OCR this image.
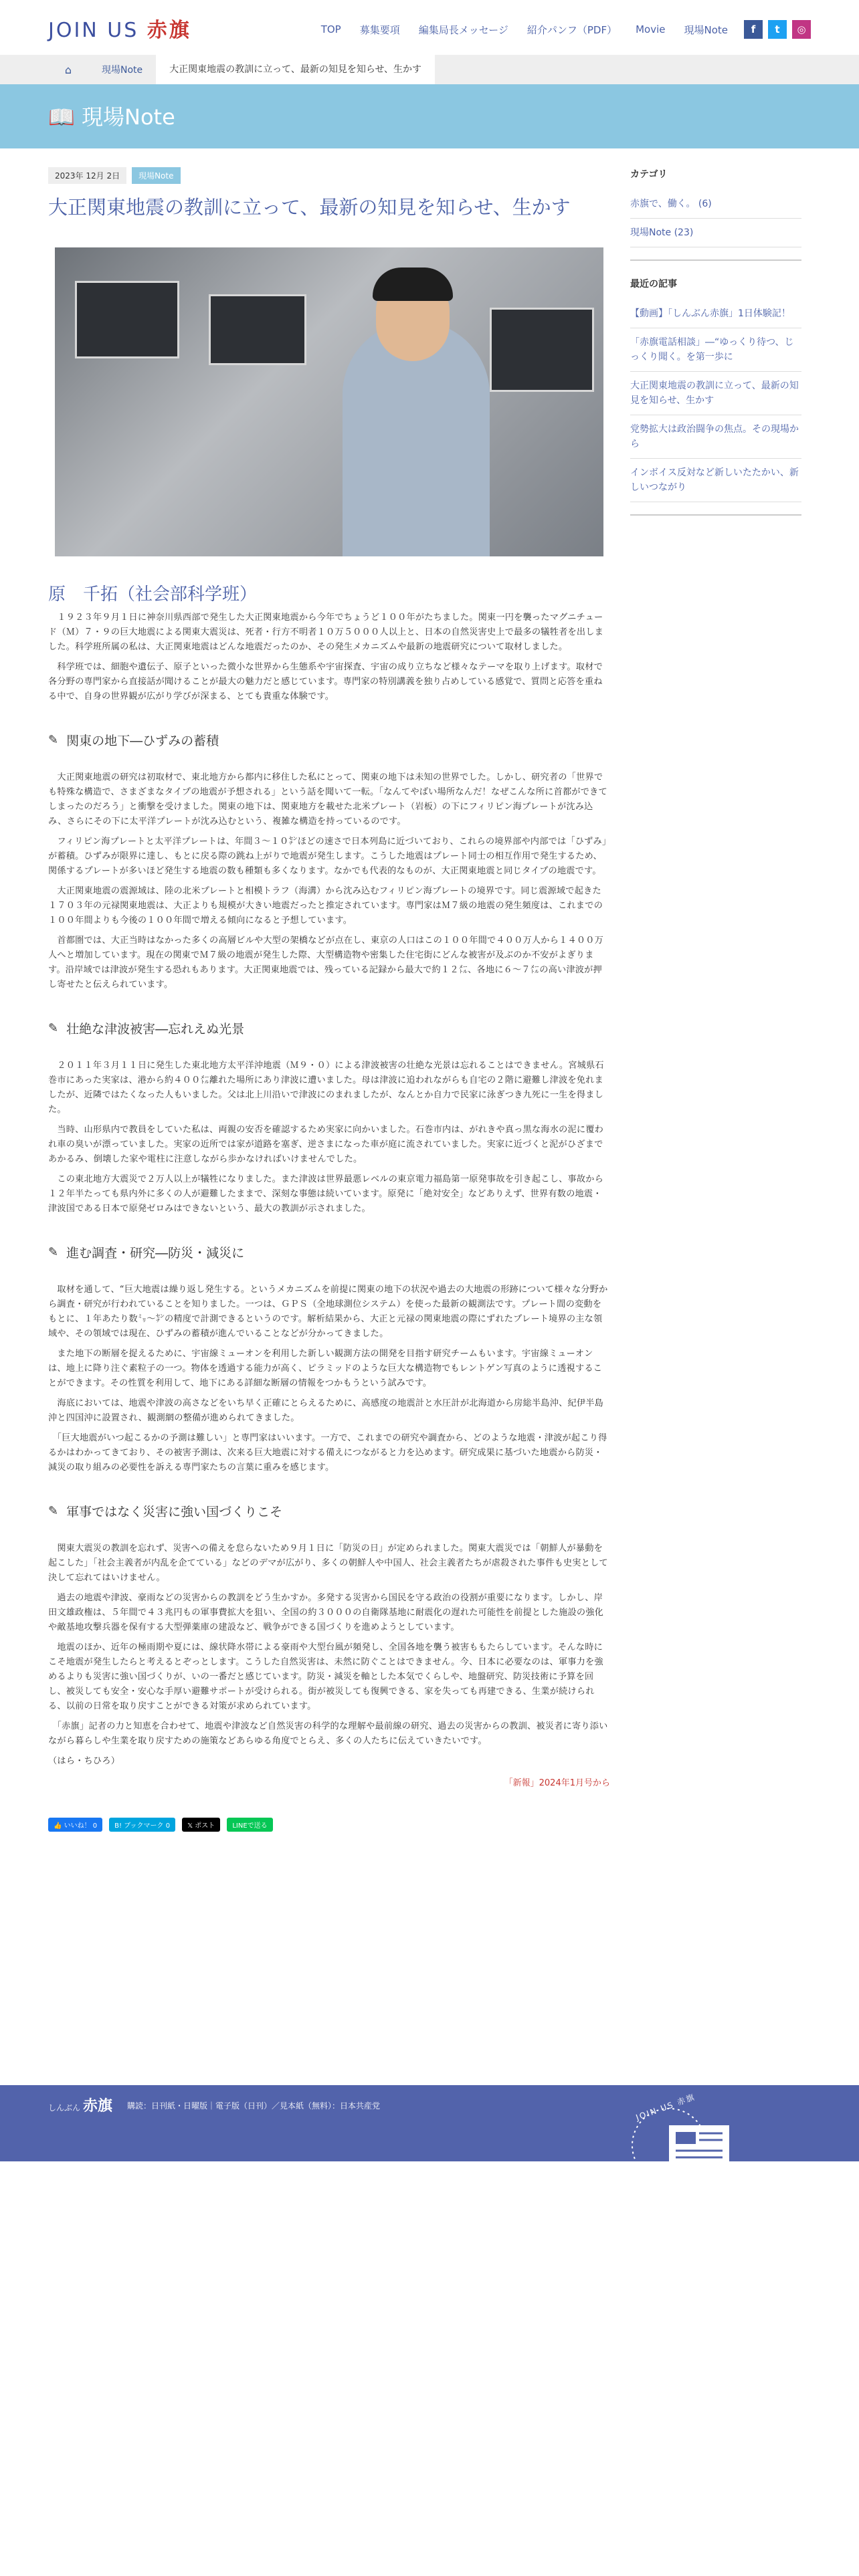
JOIN US 赤旗	TOP 募集要項 編集局長メッセージ 紹介パンフ（PDF） Movie 現場Note	f	t	◎
⌂	現場Note	大正関東地震の教訓に立って、最新の知見を知らせ、生かす
📖 現場Note
2023年 12月 2日	現場Note
大正関東地震の教訓に立って、最新の知見を知らせ、生かす
原　千拓（社会部科学班）

　１９２３年９月１日に神奈川県西部で発生した大正関東地震から今年でちょうど１００年がたちました。関東一円を襲ったマグニチュード（Ｍ）７・９の巨大地震による関東大震災は、死者・行方不明者１０万５０００人以上と、日本の自然災害史上で最多の犠牲者を出しました。科学班所属の私は、大正関東地震はどんな地震だったのか、その発生メカニズムや最新の地震研究について取材しました。

　科学班では、細胞や遺伝子、原子といった微小な世界から生態系や宇宙探査、宇宙の成り立ちなど様々なテーマを取り上げます。取材で各分野の専門家から直接話が聞けることが最大の魅力だと感じています。専門家の特別講義を独り占めしている感覚で、質問と応答を重ねる中で、自身の世界観が広がり学びが深まる、とても貴重な体験です。

✎ 関東の地下―ひずみの蓄積

　大正関東地震の研究は初取材で、東北地方から都内に移住した私にとって、関東の地下は未知の世界でした。しかし、研究者の「世界でも特殊な構造で、さまざまなタイプの地震が予想される」という話を聞いて一転。「なんてやばい場所なんだ！なぜこんな所に首都ができてしまったのだろう」と衝撃を受けました。関東の地下は、関東地方を載せた北米プレート（岩板）の下にフィリピン海プレートが沈み込み、さらにその下に太平洋プレートが沈み込むという、複雑な構造を持っているのです。

　フィリピン海プレートと太平洋プレートは、年間３〜１０㌢ほどの速さで日本列島に近づいており、これらの境界部や内部では「ひずみ」が蓄積。ひずみが限界に達し、もとに戻る際の跳ね上がりで地震が発生します。こうした地震はプレート同士の相互作用で発生するため、関係するプレートが多いほど発生する地震の数も種類も多くなります。なかでも代表的なものが、大正関東地震と同じタイプの地震です。

　大正関東地震の震源域は、陸の北米プレートと相模トラフ（海溝）から沈み込むフィリピン海プレートの境界です。同じ震源域で起きた１７０３年の元禄関東地震は、大正よりも規模が大きい地震だったと推定されています。専門家はＭ７級の地震の発生頻度は、これまでの１００年間よりも今後の１００年間で増える傾向になると予想しています。

　首都圏では、大正当時はなかった多くの高層ビルや大型の架橋などが点在し、東京の人口はこの１００年間で４００万人から１４００万人へと増加しています。現在の関東でＭ７級の地震が発生した際、大型構造物や密集した住宅街にどんな被害が及ぶのか不安がよぎります。沿岸域では津波が発生する恐れもあります。大正関東地震では、残っている記録から最大で約１２㍍、各地に６〜７㍍の高い津波が押し寄せたと伝えられています。

✎ 壮絶な津波被害―忘れえぬ光景

　２０１１年３月１１日に発生した東北地方太平洋沖地震（Ｍ９・０）による津波被害の壮絶な光景は忘れることはできません。宮城県石巻市にあった実家は、港から約４００㍍離れた場所にあり津波に遭いました。母は津波に追われながらも自宅の２階に避難し津波を免れましたが、近隣ではたくなった人もいました。父は北上川沿いで津波にのまれましたが、なんとか自力で民家に泳ぎつき九死に一生を得ました。

　当時、山形県内で教員をしていた私は、両親の安否を確認するため実家に向かいました。石巻市内は、がれきや真っ黒な海水の泥に覆われ車の臭いが漂っていました。実家の近所では家が道路を塞ぎ、逆さまになった車が庭に流されていました。実家に近づくと泥がひざまであかるみ、倒壊した家や電柱に注意しながら歩かなければいけませんでした。

　この東北地方大震災で２万人以上が犠牲になりました。また津波は世界最悪レベルの東京電力福島第一原発事故を引き起こし、事故から１２年半たっても県内外に多くの人が避難したままで、深刻な事態は続いています。原発に「絶対安全」などありえず、世界有数の地震・津波国である日本で原発ゼロみはできないという、最大の教訓が示されました。

✎ 進む調査・研究―防災・減災に

　取材を通して、“巨大地震は繰り返し発生する。というメカニズムを前提に関東の地下の状況や過去の大地震の形跡について様々な分野から調査・研究が行われていることを知りました。一つは、ＧＰＳ（全地球測位システム）を使った最新の観測法です。プレート間の変動をもとに、１年あたり数㍉〜㌢の精度で計測できるというのです。解析結果から、大正と元禄の関東地震の際にずれたプレート境界の主な領域や、その領域では現在、ひずみの蓄積が進んでいることなどが分かってきました。

　また地下の断層を捉えるために、宇宙線ミューオンを利用した新しい観測方法の開発を目指す研究チームもいます。宇宙線ミューオンは、地上に降り注ぐ素粒子の一つ。物体を透過する能力が高く、ピラミッドのような巨大な構造物でもレントゲン写真のように透視することができます。その性質を利用して、地下にある詳細な断層の情報をつかもうという試みです。

　海底においては、地震や津波の高さなどをいち早く正確にとらえるために、高感度の地震計と水圧計が北海道から房総半島沖、紀伊半島沖と四国沖に設置され、観測網の整備が進められてきました。

　「巨大地震がいつ起こるかの予測は難しい」と専門家はいいます。一方で、これまでの研究や調査から、どのような地震・津波が起こり得るかはわかってきており、その被害予測は、次来る巨大地震に対する備えにつながると力を込めます。研究成果に基づいた地震から防災・減災の取り組みの必要性を訴える専門家たちの言葉に重みを感じます。

✎ 軍事ではなく災害に強い国づくりこそ

　関東大震災の教訓を忘れず、災害への備えを怠らないため９月１日に「防災の日」が定められました。関東大震災では「朝鮮人が暴動を起こした」「社会主義者が内乱を企てている」などのデマが広がり、多くの朝鮮人や中国人、社会主義者たちが虐殺された事件も史実として決して忘れてはいけません。

　過去の地震や津波、豪雨などの災害からの教訓をどう生かすか。多発する災害から国民を守る政治の役割が重要になります。しかし、岸田文雄政権は、５年間で４３兆円もの軍事費拡大を狙い、全国の約３０００の自衛隊基地に耐震化の遅れた可能性を前提とした施設の強化や敵基地攻撃兵器を保有する大型弾薬庫の建設など、戦争ができる国づくりを進めようとしています。

　地震のほか、近年の極雨期や夏には、線状降水帯による豪雨や大型台風が頻発し、全国各地を襲う被害ももたらしています。そんな時にこそ地震が発生したらと考えるとぞっとします。こうした自然災害は、未然に防ぐことはできません。今、日本に必要なのは、軍事力を強めるよりも災害に強い国づくりが、いの一番だと感じています。防災・減災を軸とした本気でくらしや、地盤研究、防災技術に予算を回し、被災しても安全・安心な手厚い避難サポートが受けられる。街が被災しても復興できる、家を失っても再建できる、生業が続けられる、以前の日常を取り戻すことができる対策が求められています。

　「赤旗」記者の力と知恵を合わせて、地震や津波など自然災害の科学的な理解や最前線の研究、過去の災害からの教訓、被災者に寄り添いながら暮らしや生業を取り戻すための施策などあらゆる角度でとらえ、多くの人たちに伝えていきたいです。

（はら・ちひろ）

「新報」2024年1月号から
👍 いいね！ 0	B! ブックマーク 0	𝕏 ポスト	LINEで送る
カテゴリ
赤旗で、働く。 (6)
現場Note (23)
最近の記事
【動画】「しんぶん赤旗」1日体験記！
「赤旗電話相談」―“ゆっくり待つ、じっくり聞く。を第一歩に
大正関東地震の教訓に立って、最新の知見を知らせ、生かす
党勢拡大は政治闘争の焦点。その現場から
インボイス反対など新しいたたかい、新しいつながり
しんぶん 赤旗 購読：日刊紙・日曜版｜電子版（日刊）／見本紙（無料）：日本共産党	JOIN US 赤旗
